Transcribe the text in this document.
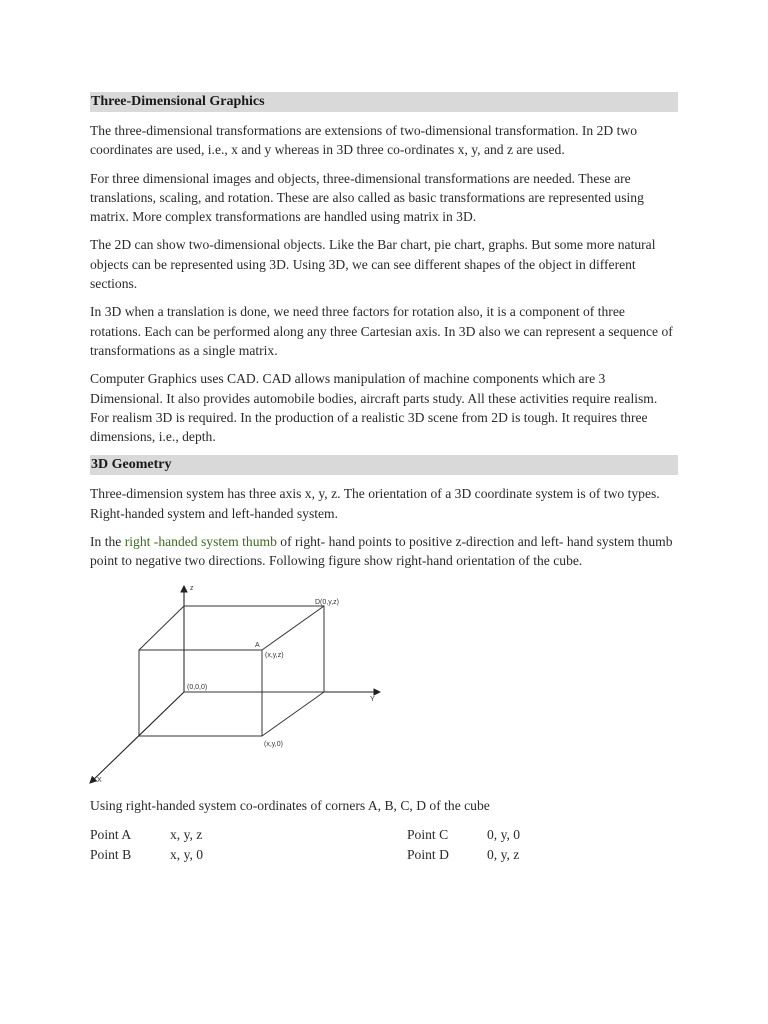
Three-Dimensional Graphics

The three-dimensional transformations are extensions of two-dimensional transformation. In 2D two coordinates are used, i.e., x and y whereas in 3D three co-ordinates x, y, and z are used.

For three dimensional images and objects, three-dimensional transformations are needed. These are translations, scaling, and rotation. These are also called as basic transformations are represented using matrix. More complex transformations are handled using matrix in 3D.

The 2D can show two-dimensional objects. Like the Bar chart, pie chart, graphs. But some more natural objects can be represented using 3D. Using 3D, we can see different shapes of the object in different sections.

In 3D when a translation is done, we need three factors for rotation also, it is a component of three rotations. Each can be performed along any three Cartesian axis. In 3D also we can represent a sequence of transformations as a single matrix.

Computer Graphics uses CAD. CAD allows manipulation of machine components which are 3 Dimensional. It also provides automobile bodies, aircraft parts study. All these activities require realism. For realism 3D is required. In the production of a realistic 3D scene from 2D is tough. It requires three dimensions, i.e., depth.

3D Geometry

Three-dimension system has three axis x, y, z. The orientation of a 3D coordinate system is of two types. Right-handed system and left-handed system.

In the right -handed system thumb of right- hand points to positive z-direction and left- hand system thumb point to negative two directions. Following figure show right-hand orientation of the cube.

z
D(0,y,z)
A
(x,y,z)
(0,0,0)
Y
(x,y,0)
X

Using right-handed system co-ordinates of corners A, B, C, D of the cube

Point A	x, y, z	Point C	0, y, 0
Point B	x, y, 0	Point D	0, y, z
